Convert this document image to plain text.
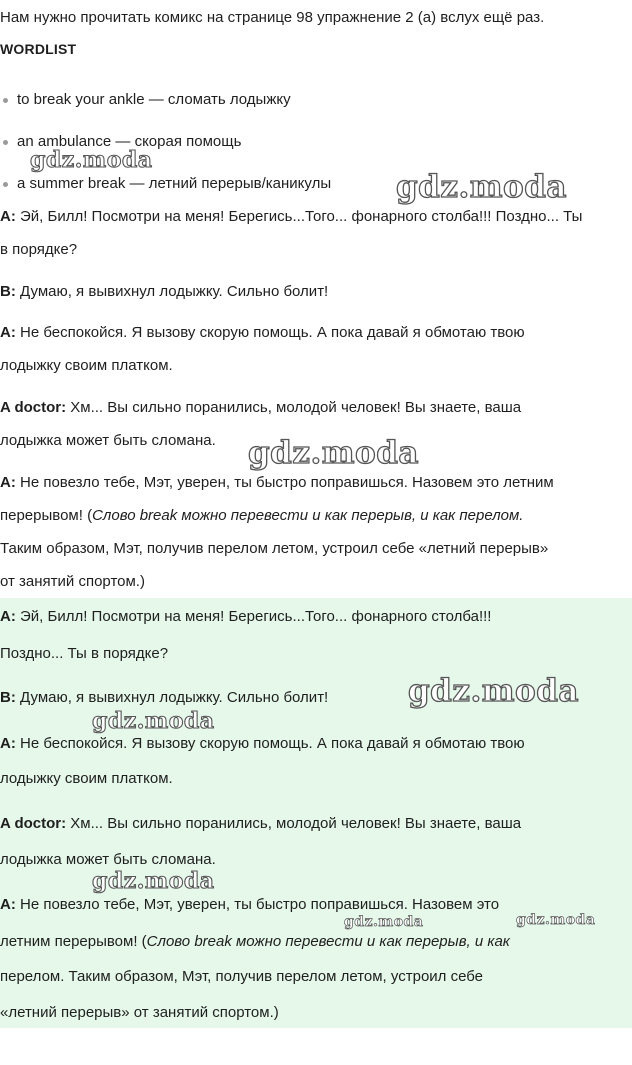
Нам нужно прочитать комикс на странице 98 упражнение 2 (а) вслух ещё раз.
WORDLIST
to break your ankle — сломать лодыжку
an ambulance — скорая помощь
a summer break — летний перерыв/каникулы

A: Эй, Билл! Посмотри на меня! Берегись...Того... фонарного столба!!! Поздно... Ты

в порядке?

B: Думаю, я вывихнул лодыжку. Сильно болит!

A: Не беспокойся. Я вызову скорую помощь. А пока давай я обмотаю твою

лодыжку своим платком.

A doctor: Хм... Вы сильно поранились, молодой человек! Вы знаете, ваша

лодыжка может быть сломана.

A: Не повезло тебе, Мэт, уверен, ты быстро поправишься. Назовем это летним

перерывом! (Слово break можно перевести и как перерыв, и как перелом.

Таким образом, Мэт, получив перелом летом, устроил себе «летний перерыв»

от занятий спортом.)

A: Эй, Билл! Посмотри на меня! Берегись...Того... фонарного столба!!!

Поздно... Ты в порядке?

B: Думаю, я вывихнул лодыжку. Сильно болит!

A: Не беспокойся. Я вызову скорую помощь. А пока давай я обмотаю твою

лодыжку своим платком.

A doctor: Хм... Вы сильно поранились, молодой человек! Вы знаете, ваша

лодыжка может быть сломана.

A: Не повезло тебе, Мэт, уверен, ты быстро поправишься. Назовем это

летним перерывом! (Слово break можно перевести и как перерыв, и как

перелом. Таким образом, Мэт, получив перелом летом, устроил себе

«летний перерыв» от занятий спортом.)

gdz.moda
gdz.moda
gdz.moda
gdz.moda
gdz.moda
gdz.moda
gdz.moda	gdz.moda
